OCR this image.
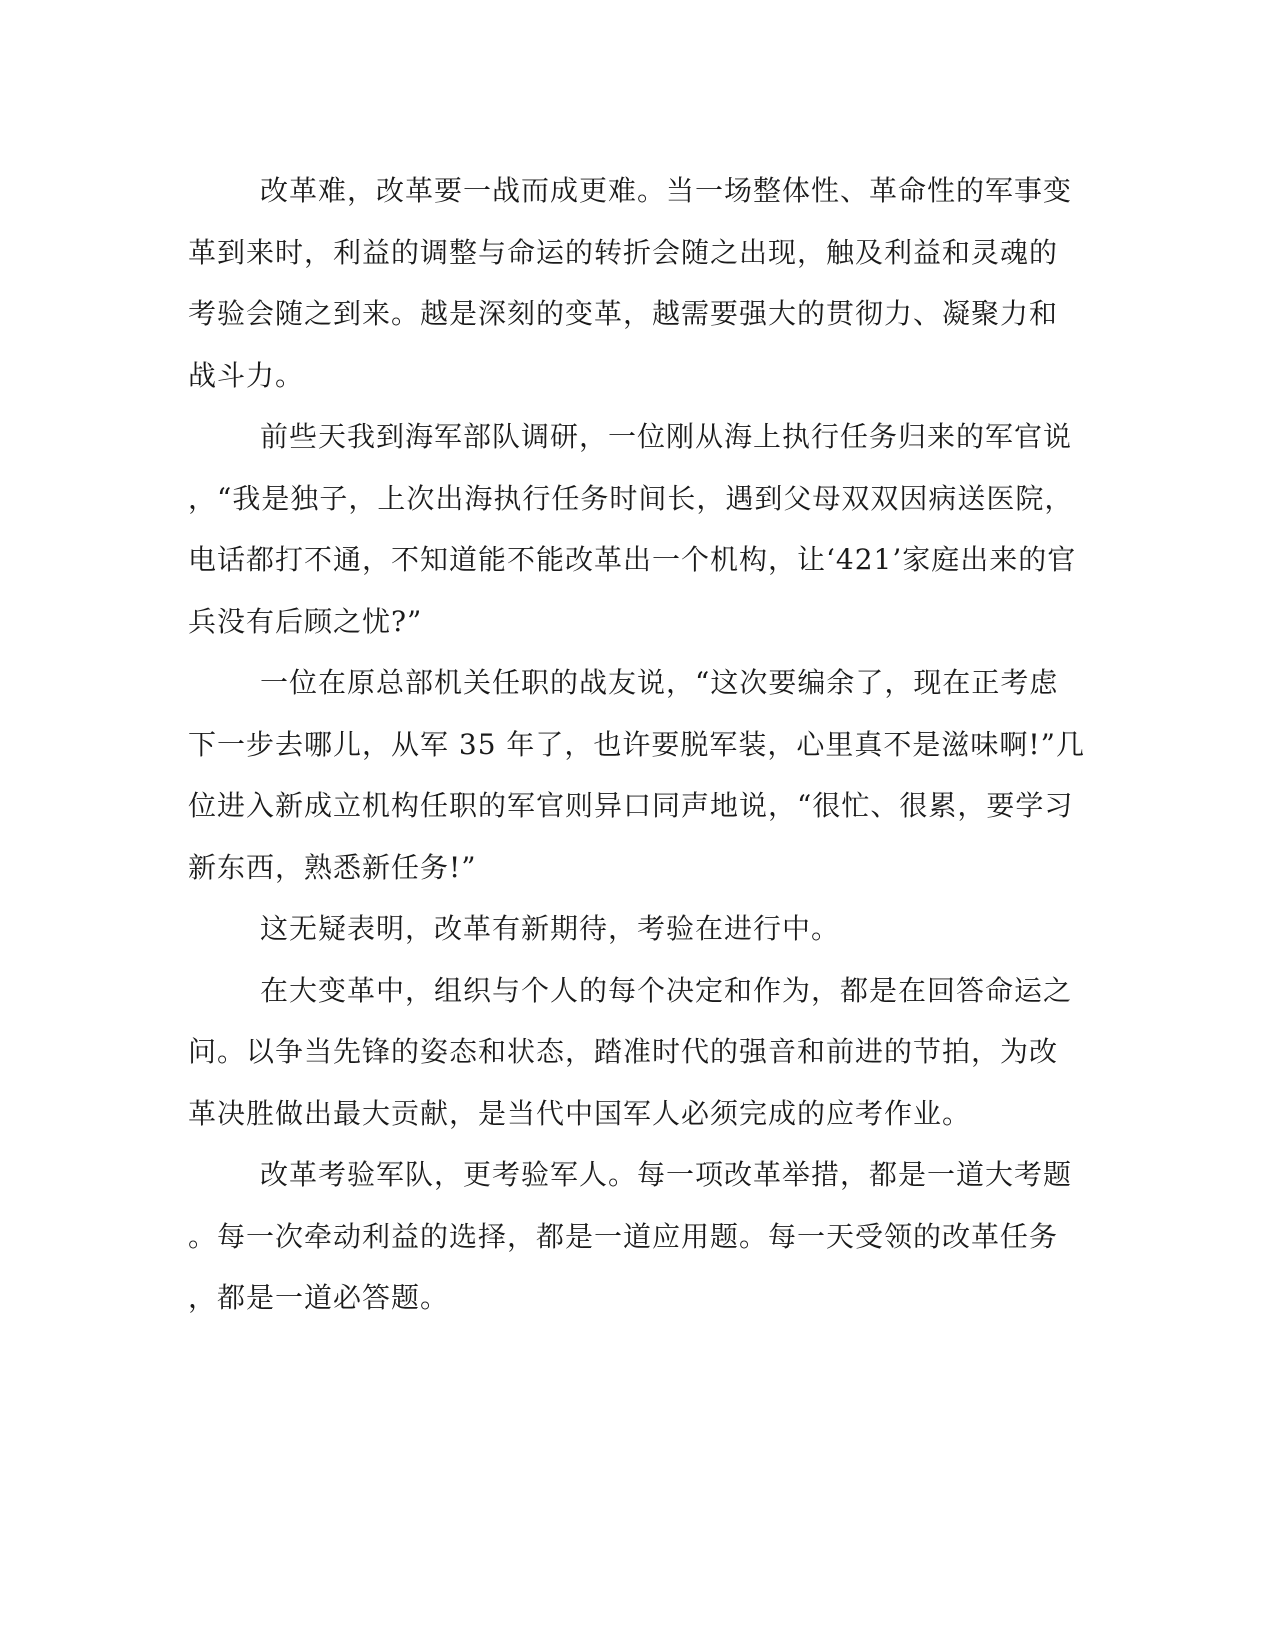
改革难，改革要一战而成更难。当一场整体性、革命性的军事变
革到来时，利益的调整与命运的转折会随之出现，触及利益和灵魂的
考验会随之到来。越是深刻的变革，越需要强大的贯彻力、凝聚力和
战斗力。
前些天我到海军部队调研，一位刚从海上执行任务归来的军官说
，“我是独子，上次出海执行任务时间长，遇到父母双双因病送医院，
电话都打不通，不知道能不能改革出一个机构，让‘421’家庭出来的官
兵没有后顾之忧?”
一位在原总部机关任职的战友说，“这次要编余了，现在正考虑
下一步去哪儿，从军 35 年了，也许要脱军装，心里真不是滋味啊!”几
位进入新成立机构任职的军官则异口同声地说，“很忙、很累，要学习
新东西，熟悉新任务!”
这无疑表明，改革有新期待，考验在进行中。
在大变革中，组织与个人的每个决定和作为，都是在回答命运之
问。以争当先锋的姿态和状态，踏准时代的强音和前进的节拍，为改
革决胜做出最大贡献，是当代中国军人必须完成的应考作业。
改革考验军队，更考验军人。每一项改革举措，都是一道大考题
。每一次牵动利益的选择，都是一道应用题。每一天受领的改革任务
，都是一道必答题。
